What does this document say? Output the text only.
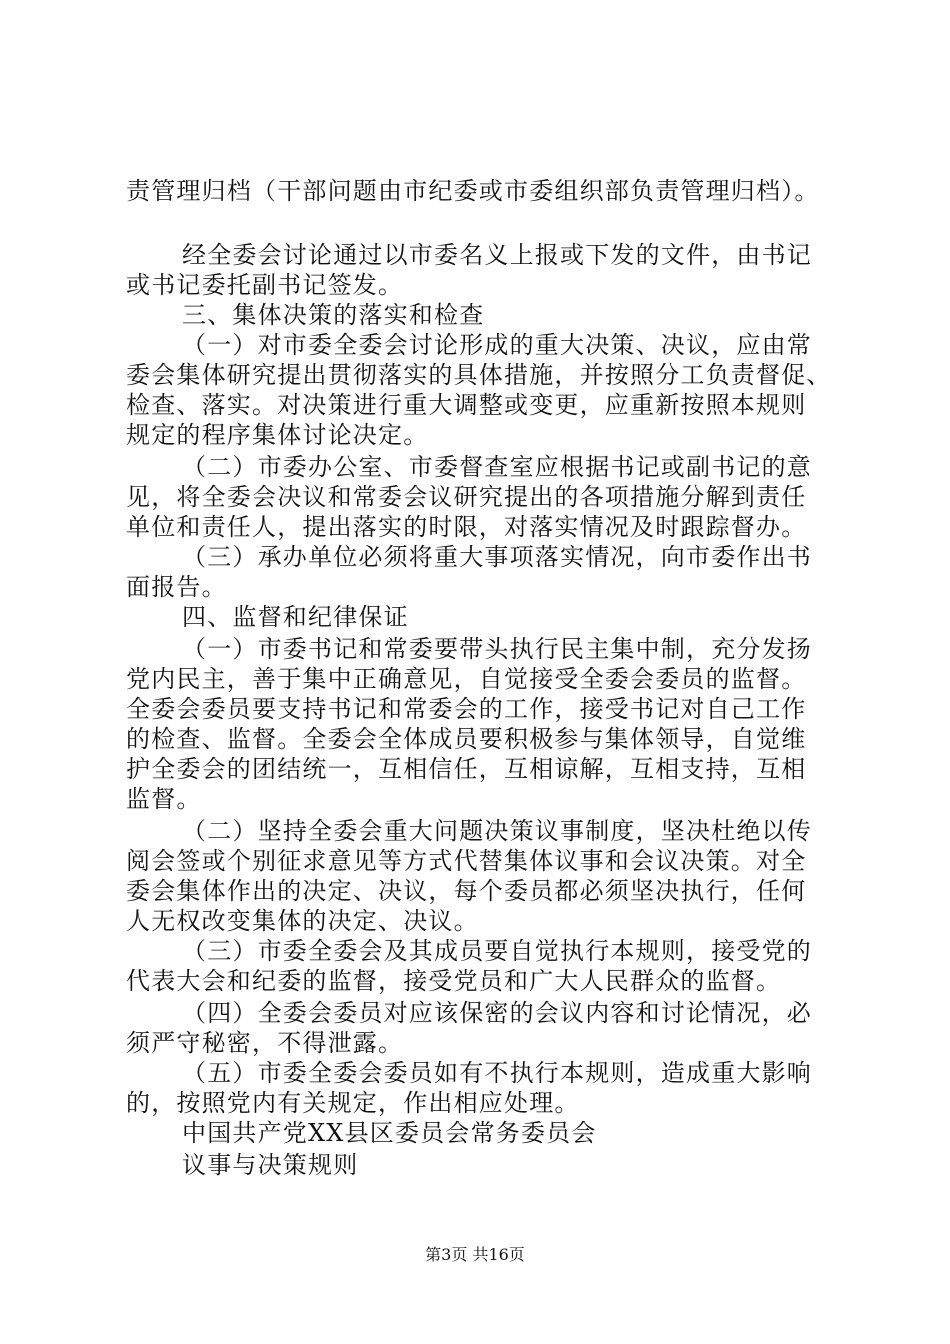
责管理归档（干部问题由市纪委或市委组织部负责管理归档）。
经全委会讨论通过以市委名义上报或下发的文件，由书记
或书记委托副书记签发。
三、集体决策的落实和检查
（一）对市委全委会讨论形成的重大决策、决议，应由常
委会集体研究提出贯彻落实的具体措施，并按照分工负责督促、
检查、落实。对决策进行重大调整或变更，应重新按照本规则
规定的程序集体讨论决定。
（二）市委办公室、市委督查室应根据书记或副书记的意
见，将全委会决议和常委会议研究提出的各项措施分解到责任
单位和责任人，提出落实的时限，对落实情况及时跟踪督办。
（三）承办单位必须将重大事项落实情况，向市委作出书
面报告。
四、监督和纪律保证
（一）市委书记和常委要带头执行民主集中制，充分发扬
党内民主，善于集中正确意见，自觉接受全委会委员的监督。
全委会委员要支持书记和常委会的工作，接受书记对自己工作
的检查、监督。全委会全体成员要积极参与集体领导，自觉维
护全委会的团结统一，互相信任，互相谅解，互相支持，互相
监督。
（二）坚持全委会重大问题决策议事制度，坚决杜绝以传
阅会签或个别征求意见等方式代替集体议事和会议决策。对全
委会集体作出的决定、决议，每个委员都必须坚决执行，任何
人无权改变集体的决定、决议。
（三）市委全委会及其成员要自觉执行本规则，接受党的
代表大会和纪委的监督，接受党员和广大人民群众的监督。
（四）全委会委员对应该保密的会议内容和讨论情况，必
须严守秘密，不得泄露。
（五）市委全委会委员如有不执行本规则，造成重大影响
的，按照党内有关规定，作出相应处理。
中国共产党XX县区委员会常务委员会
议事与决策规则
第3页 共16页
